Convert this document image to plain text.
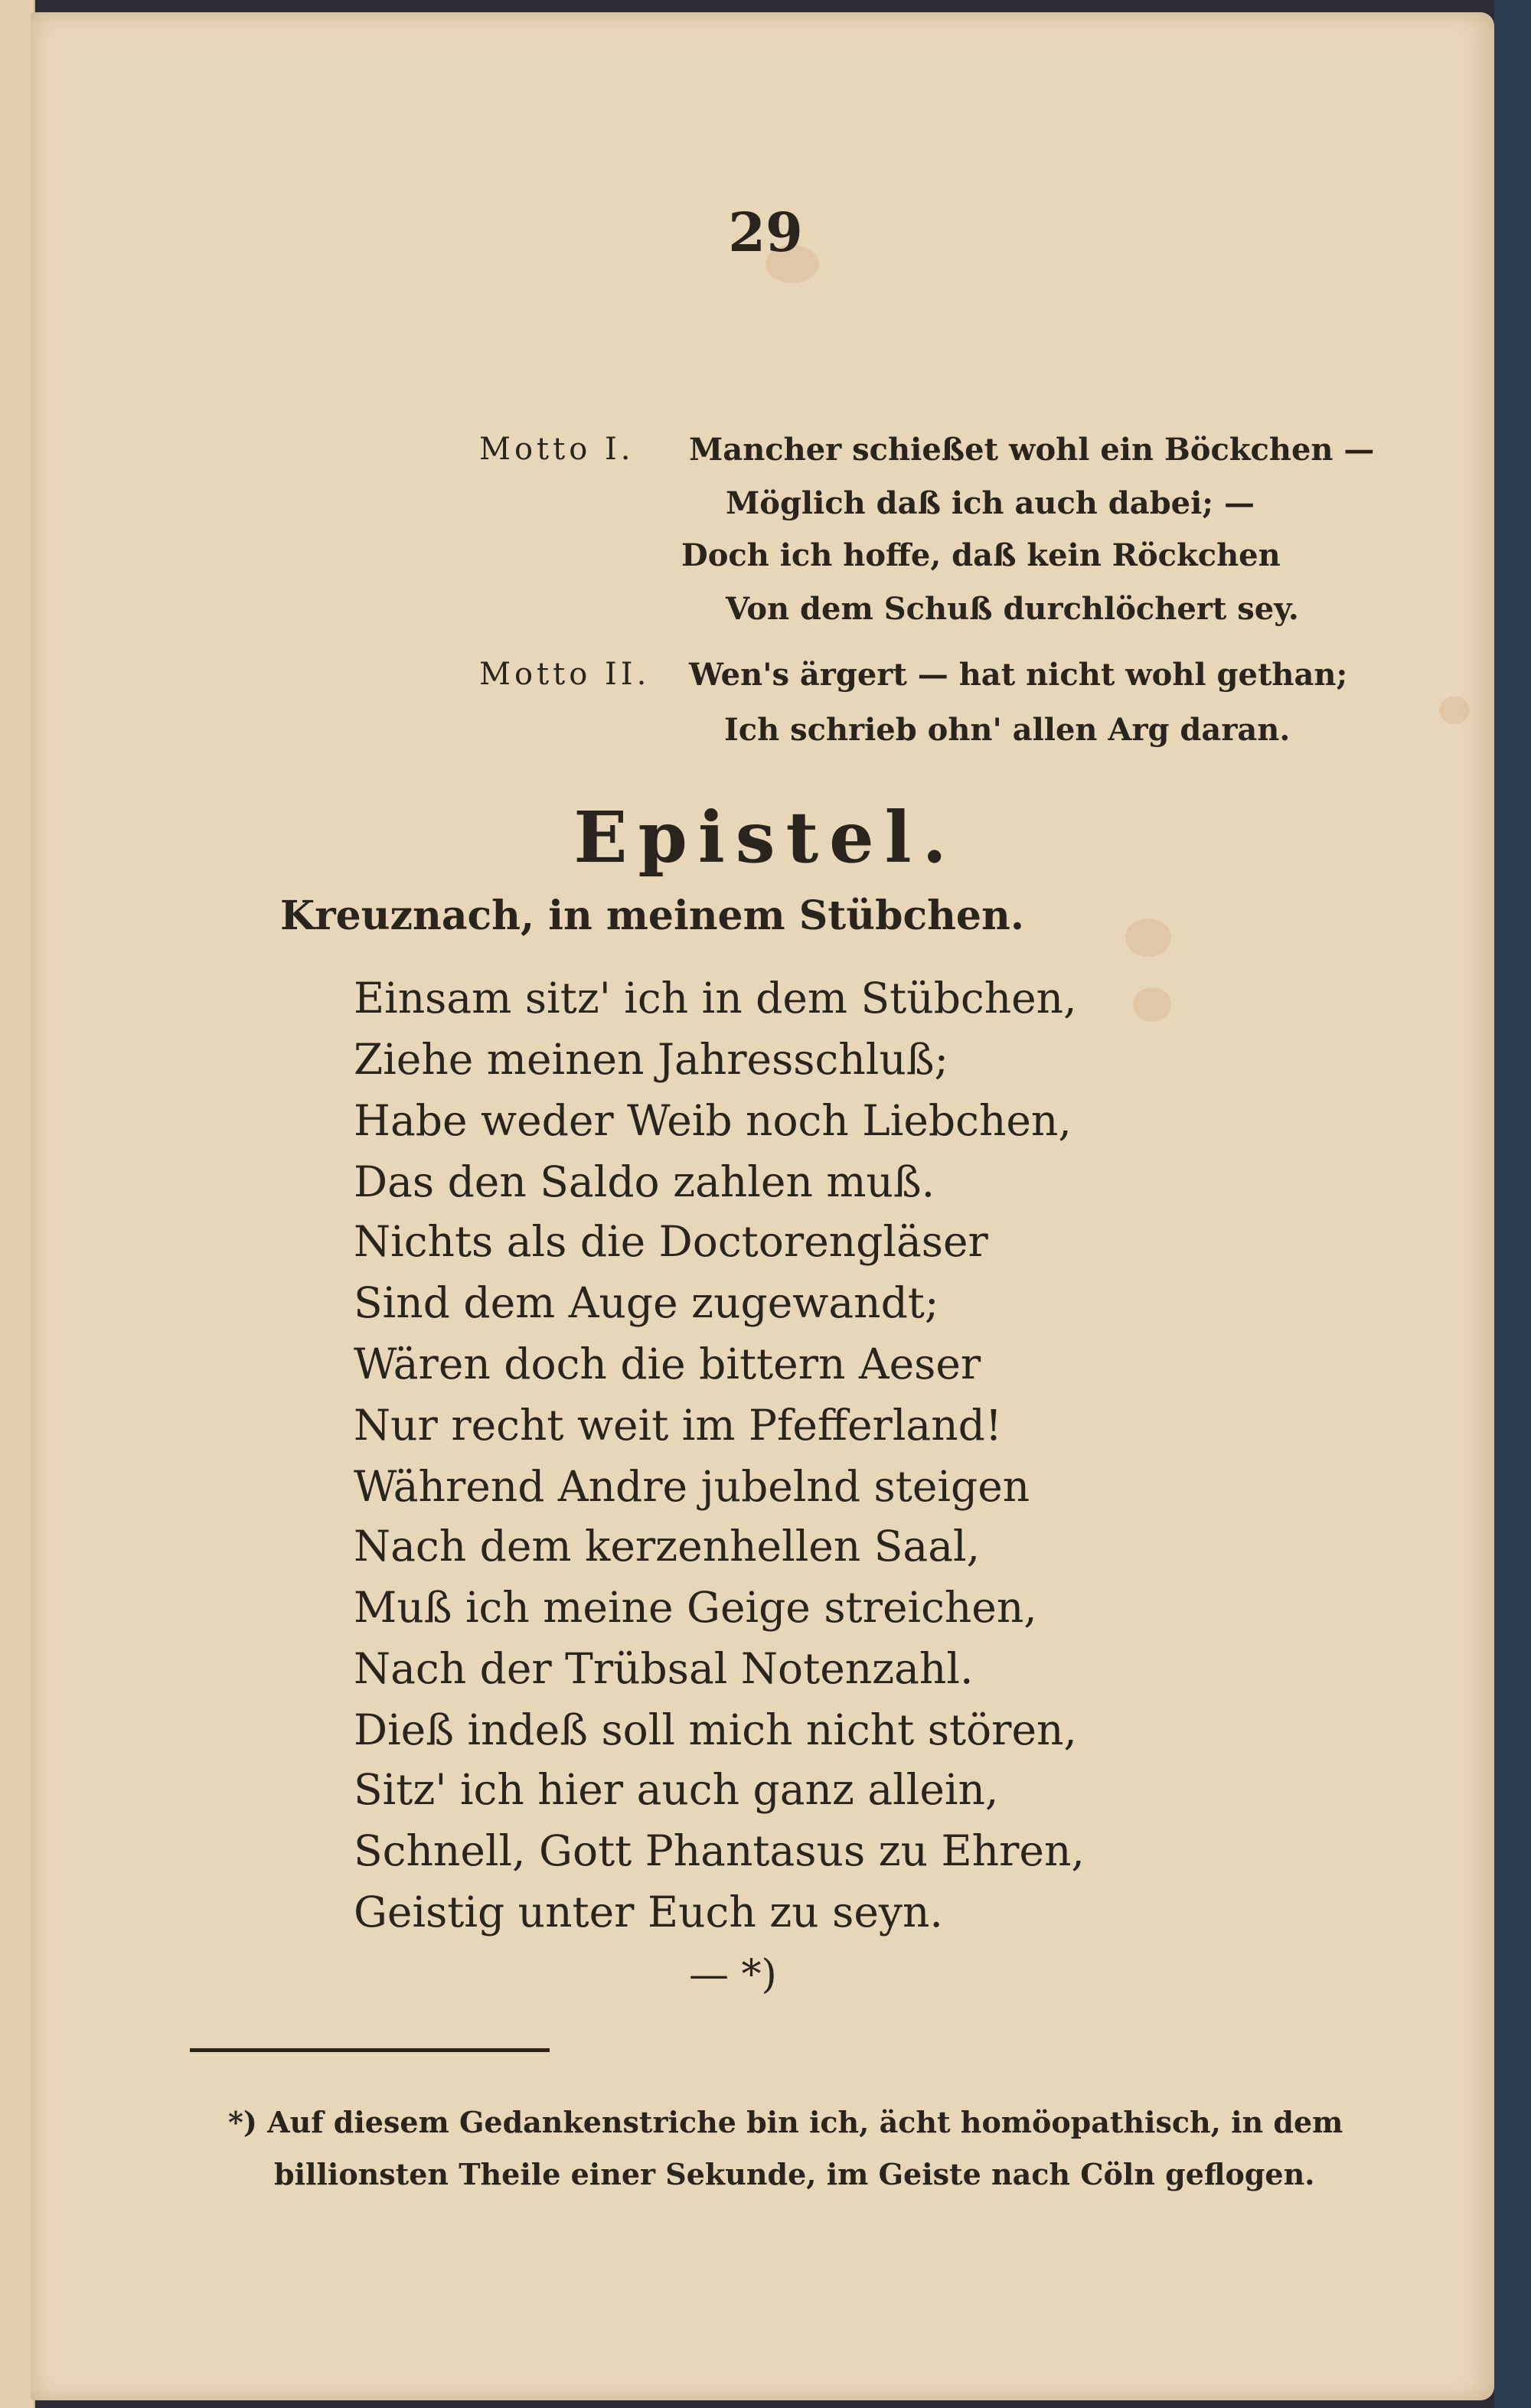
29
Motto I. Mancher schießet wohl ein Böckchen —
Möglich daß ich auch dabei; —
Doch ich hoffe, daß kein Röckchen
Von dem Schuß durchlöchert sey.
Motto II. Wen's ärgert — hat nicht wohl gethan;
Ich schrieb ohn' allen Arg daran.
Epistel.
Kreuznach, in meinem Stübchen.
Einsam sitz' ich in dem Stübchen,
Ziehe meinen Jahresschluß;
Habe weder Weib noch Liebchen,
Das den Saldo zahlen muß.
Nichts als die Doctorengläser
Sind dem Auge zugewandt;
Wären doch die bittern Aeser
Nur recht weit im Pfefferland!
Während Andre jubelnd steigen
Nach dem kerzenhellen Saal,
Muß ich meine Geige streichen,
Nach der Trübsal Notenzahl.
Dieß indeß soll mich nicht stören,
Sitz' ich hier auch ganz allein,
Schnell, Gott Phantasus zu Ehren,
Geistig unter Euch zu seyn.
— *)
*) Auf diesem Gedankenstriche bin ich, ächt homöopathisch, in dem
billionsten Theile einer Sekunde, im Geiste nach Cöln geflogen.
